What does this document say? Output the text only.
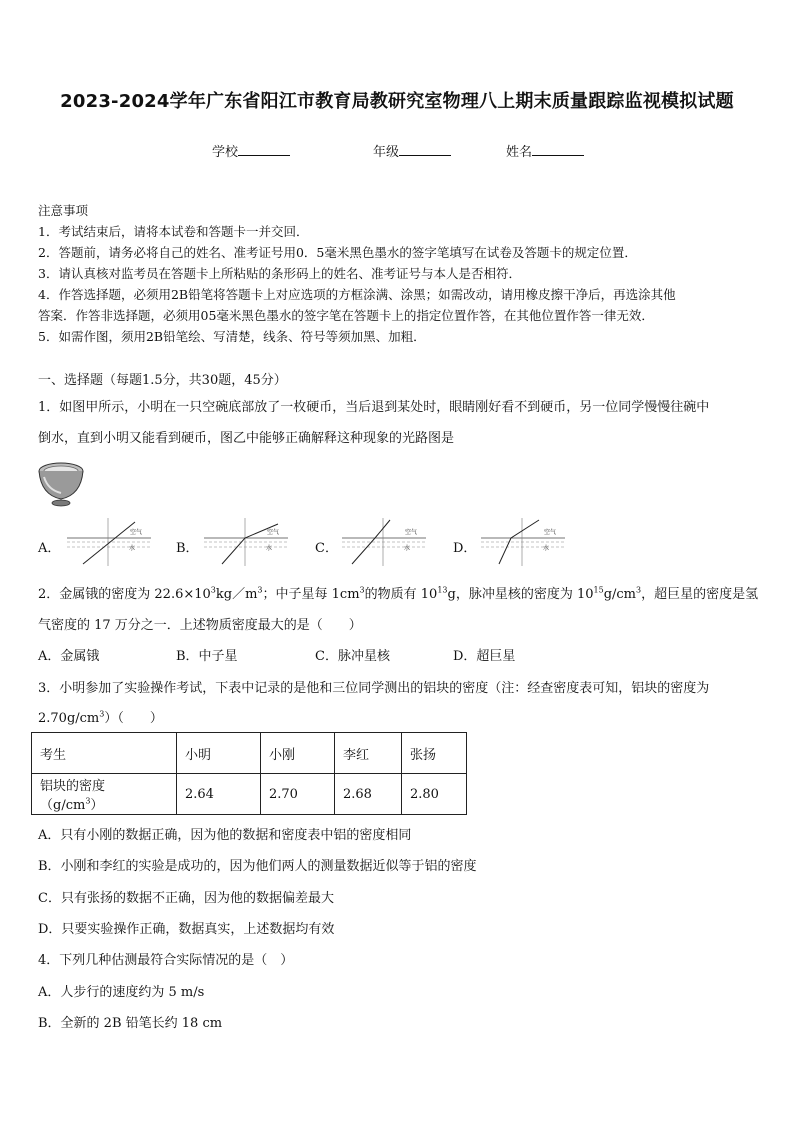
2023-2024学年广东省阳江市教育局教研究室物理八上期末质量跟踪监视模拟试题
学校	年级	姓名
注意事项
1．考试结束后，请将本试卷和答题卡一并交回．
2．答题前，请务必将自己的姓名、准考证号用0．5毫米黑色墨水的签字笔填写在试卷及答题卡的规定位置．
3．请认真核对监考员在答题卡上所粘贴的条形码上的姓名、准考证号与本人是否相符．
4．作答选择题，必须用2B铅笔将答题卡上对应选项的方框涂满、涂黑；如需改动，请用橡皮擦干净后，再选涂其他
答案．作答非选择题，必须用05毫米黑色墨水的签字笔在答题卡上的指定位置作答，在其他位置作答一律无效．
5．如需作图，须用2B铅笔绘、写清楚，线条、符号等须加黑、加粗．
一、选择题（每题1.5分，共30题，45分）
1．如图甲所示，小明在一只空碗底部放了一枚硬币，当后退到某处时，眼睛刚好看不到硬币，另一位同学慢慢往碗中
倒水，直到小明又能看到硬币，图乙中能够正确解释这种现象的光路图是
A．
空气
水	B．
空气
水	C．
空气
水	D．
空气
水
2．金属锇的密度为 $22.6\times 10^3kg/m^3$；中子星每 $1cm^3$的物质有 $10^{13}g$，脉冲星核的密度为 $10^{15}g/cm^3$，超巨星的密度是氢
气密度的 17 万分之一．上述物质密度最大的是（　　）
A．金属锇	B．中子星	C．脉冲星核	D．超巨星
3．小明参加了实验操作考试，下表中记录的是他和三位同学测出的铝块的密度（注：经查密度表可知，铝块的密度为
$2.70g/cm^3$）（　　）
考生	小明	小刚	李红	张扬
铝块的密度$(g/cm^3)$	2.64	2.70	2.68	2.80
A．只有小刚的数据正确，因为他的数据和密度表中铝的密度相同
B．小刚和李红的实验是成功的，因为他们两人的测量数据近似等于铝的密度
C．只有张扬的数据不正确，因为他的数据偏差最大
D．只要实验操作正确，数据真实，上述数据均有效
4．下列几种估测最符合实际情况的是（　）
A．人步行的速度约为 5 m/s
B．全新的 2B 铅笔长约 18 cm
